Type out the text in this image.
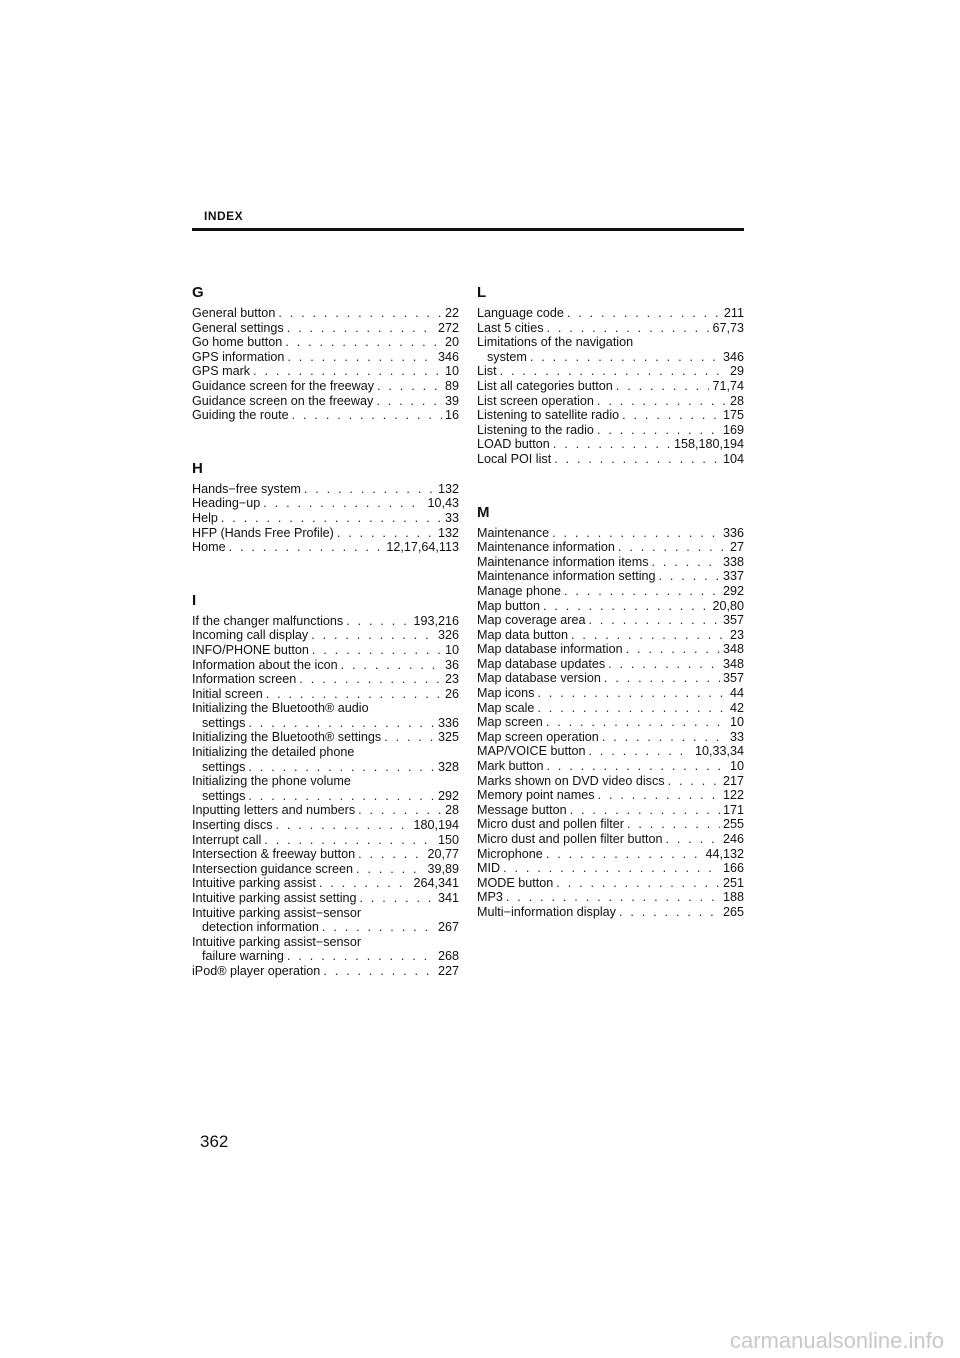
INDEX
G
General button . . .	22
General settings . . .	272
Go home button . . .	20
GPS information . . .	346
GPS mark . . .	10
Guidance screen for the freeway . . .	89
Guidance screen on the freeway . . .	39
Guiding the route . . .	16
H
Hands−free system . . .	132
Heading−up . . .	10,43
Help . . .	33
HFP (Hands Free Profile) . . .	132
Home . . .	12,17,64,113
I
If the changer malfunctions . . .	193,216
Incoming call display . . .	326
INFO/PHONE button . . .	10
Information about the icon . . .	36
Information screen . . .	23
Initial screen . . .	26
Initializing the Bluetooth® audio
settings . . .	336
Initializing the Bluetooth® settings . . .	325
Initializing the detailed phone
settings . . .	328
Initializing the phone volume
settings . . .	292
Inputting letters and numbers . . .	28
Inserting discs . . .	180,194
Interrupt call . . .	150
Intersection & freeway button . . .	20,77
Intersection guidance screen . . .	39,89
Intuitive parking assist . . .	264,341
Intuitive parking assist setting . . .	341
Intuitive parking assist−sensor
detection information . . .	267
Intuitive parking assist−sensor
failure warning . . .	268
iPod® player operation . . .	227
L
Language code . . .	211
Last 5 cities . . .	67,73
Limitations of the navigation
system . . .	346
List . . .	29
List all categories button . . .	71,74
List screen operation . . .	28
Listening to satellite radio . . .	175
Listening to the radio . . .	169
LOAD button . . .	158,180,194
Local POI list . . .	104
M
Maintenance . . .	336
Maintenance information . . .	27
Maintenance information items . . .	338
Maintenance information setting . . .	337
Manage phone . . .	292
Map button . . .	20,80
Map coverage area . . .	357
Map data button . . .	23
Map database information . . .	348
Map database updates . . .	348
Map database version . . .	357
Map icons . . .	44
Map scale . . .	42
Map screen . . .	10
Map screen operation . . .	33
MAP/VOICE button . . .	10,33,34
Mark button . . .	10
Marks shown on DVD video discs . . .	217
Memory point names . . .	122
Message button . . .	171
Micro dust and pollen filter . . .	255
Micro dust and pollen filter button . . .	246
Microphone . . .	44,132
MID . . .	166
MODE button . . .	251
MP3 . . .	188
Multi−information display . . .	265
362
carmanualsonline.info
